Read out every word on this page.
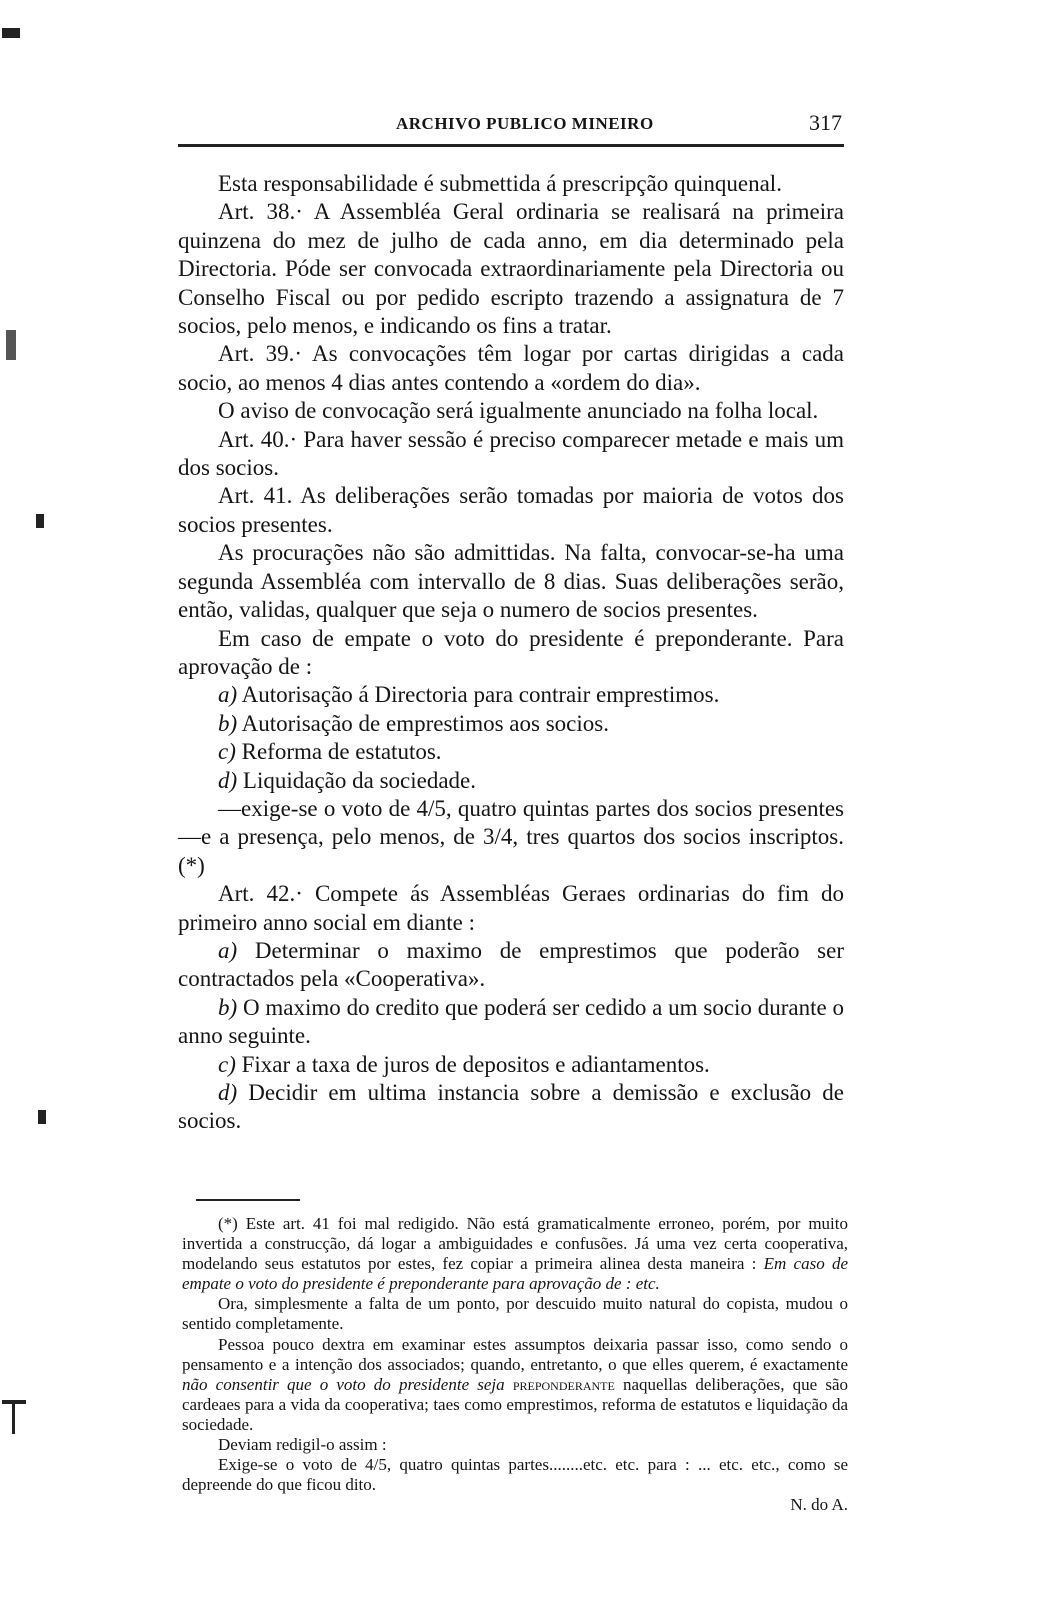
ARCHIVO PUBLICO MINEIRO	317

Esta responsabilidade é submettida á prescripção quinquenal.

Art. 38.· A Assembléa Geral ordinaria se realisará na primeira quinzena do mez de julho de cada anno, em dia determinado pela Directoria. Póde ser convocada extraordinariamente pela Directoria ou Conselho Fiscal ou por pedido escripto trazendo a assignatura de 7 socios, pelo menos, e indicando os fins a tratar.

Art. 39.· As convocações têm logar por cartas dirigidas a cada socio, ao menos 4 dias antes contendo a «ordem do dia».

O aviso de convocação será igualmente anunciado na folha local.

Art. 40.· Para haver sessão é preciso comparecer metade e mais um dos socios.

Art. 41. As deliberações serão tomadas por maioria de votos dos socios presentes.

As procurações não são admittidas. Na falta, convocar-se-ha uma segunda Assembléa com intervallo de 8 dias. Suas deliberações serão, então, validas, qualquer que seja o numero de socios presentes.

Em caso de empate o voto do presidente é preponderante. Para aprovação de :

a) Autorisação á Directoria para contrair emprestimos.

b) Autorisação de emprestimos aos socios.

c) Reforma de estatutos.

d) Liquidação da sociedade.

—exige-se o voto de 4/5, quatro quintas partes dos socios presentes—e a presença, pelo menos, de 3/4, tres quartos dos socios inscriptos. (*)

Art. 42.· Compete ás Assembléas Geraes ordinarias do fim do primeiro anno social em diante :

a) Determinar o maximo de emprestimos que poderão ser contractados pela «Cooperativa».

b) O maximo do credito que poderá ser cedido a um socio durante o anno seguinte.

c) Fixar a taxa de juros de depositos e adiantamentos.

d) Decidir em ultima instancia sobre a demissão e exclusão de socios.

(*) Este art. 41 foi mal redigido. Não está gramaticalmente erroneo, porém, por muito invertida a construcção, dá logar a ambiguidades e confusões. Já uma vez certa cooperativa, modelando seus estatutos por estes, fez copiar a primeira alinea desta maneira : Em caso de empate o voto do presidente é preponderante para aprovação de : etc.

Ora, simplesmente a falta de um ponto, por descuido muito natural do copista, mudou o sentido completamente.

Pessoa pouco dextra em examinar estes assumptos deixaria passar isso, como sendo o pensamento e a intenção dos associados; quando, entretanto, o que elles querem, é exactamente não consentir que o voto do presidente seja preponderante naquellas deliberações, que são cardeaes para a vida da cooperativa; taes como emprestimos, reforma de estatutos e liquidação da sociedade.

Deviam redigil-o assim :

Exige-se o voto de 4/5, quatro quintas partes........etc. etc. para : ... etc. etc., como se depreende do que ficou dito.

N. do A.
